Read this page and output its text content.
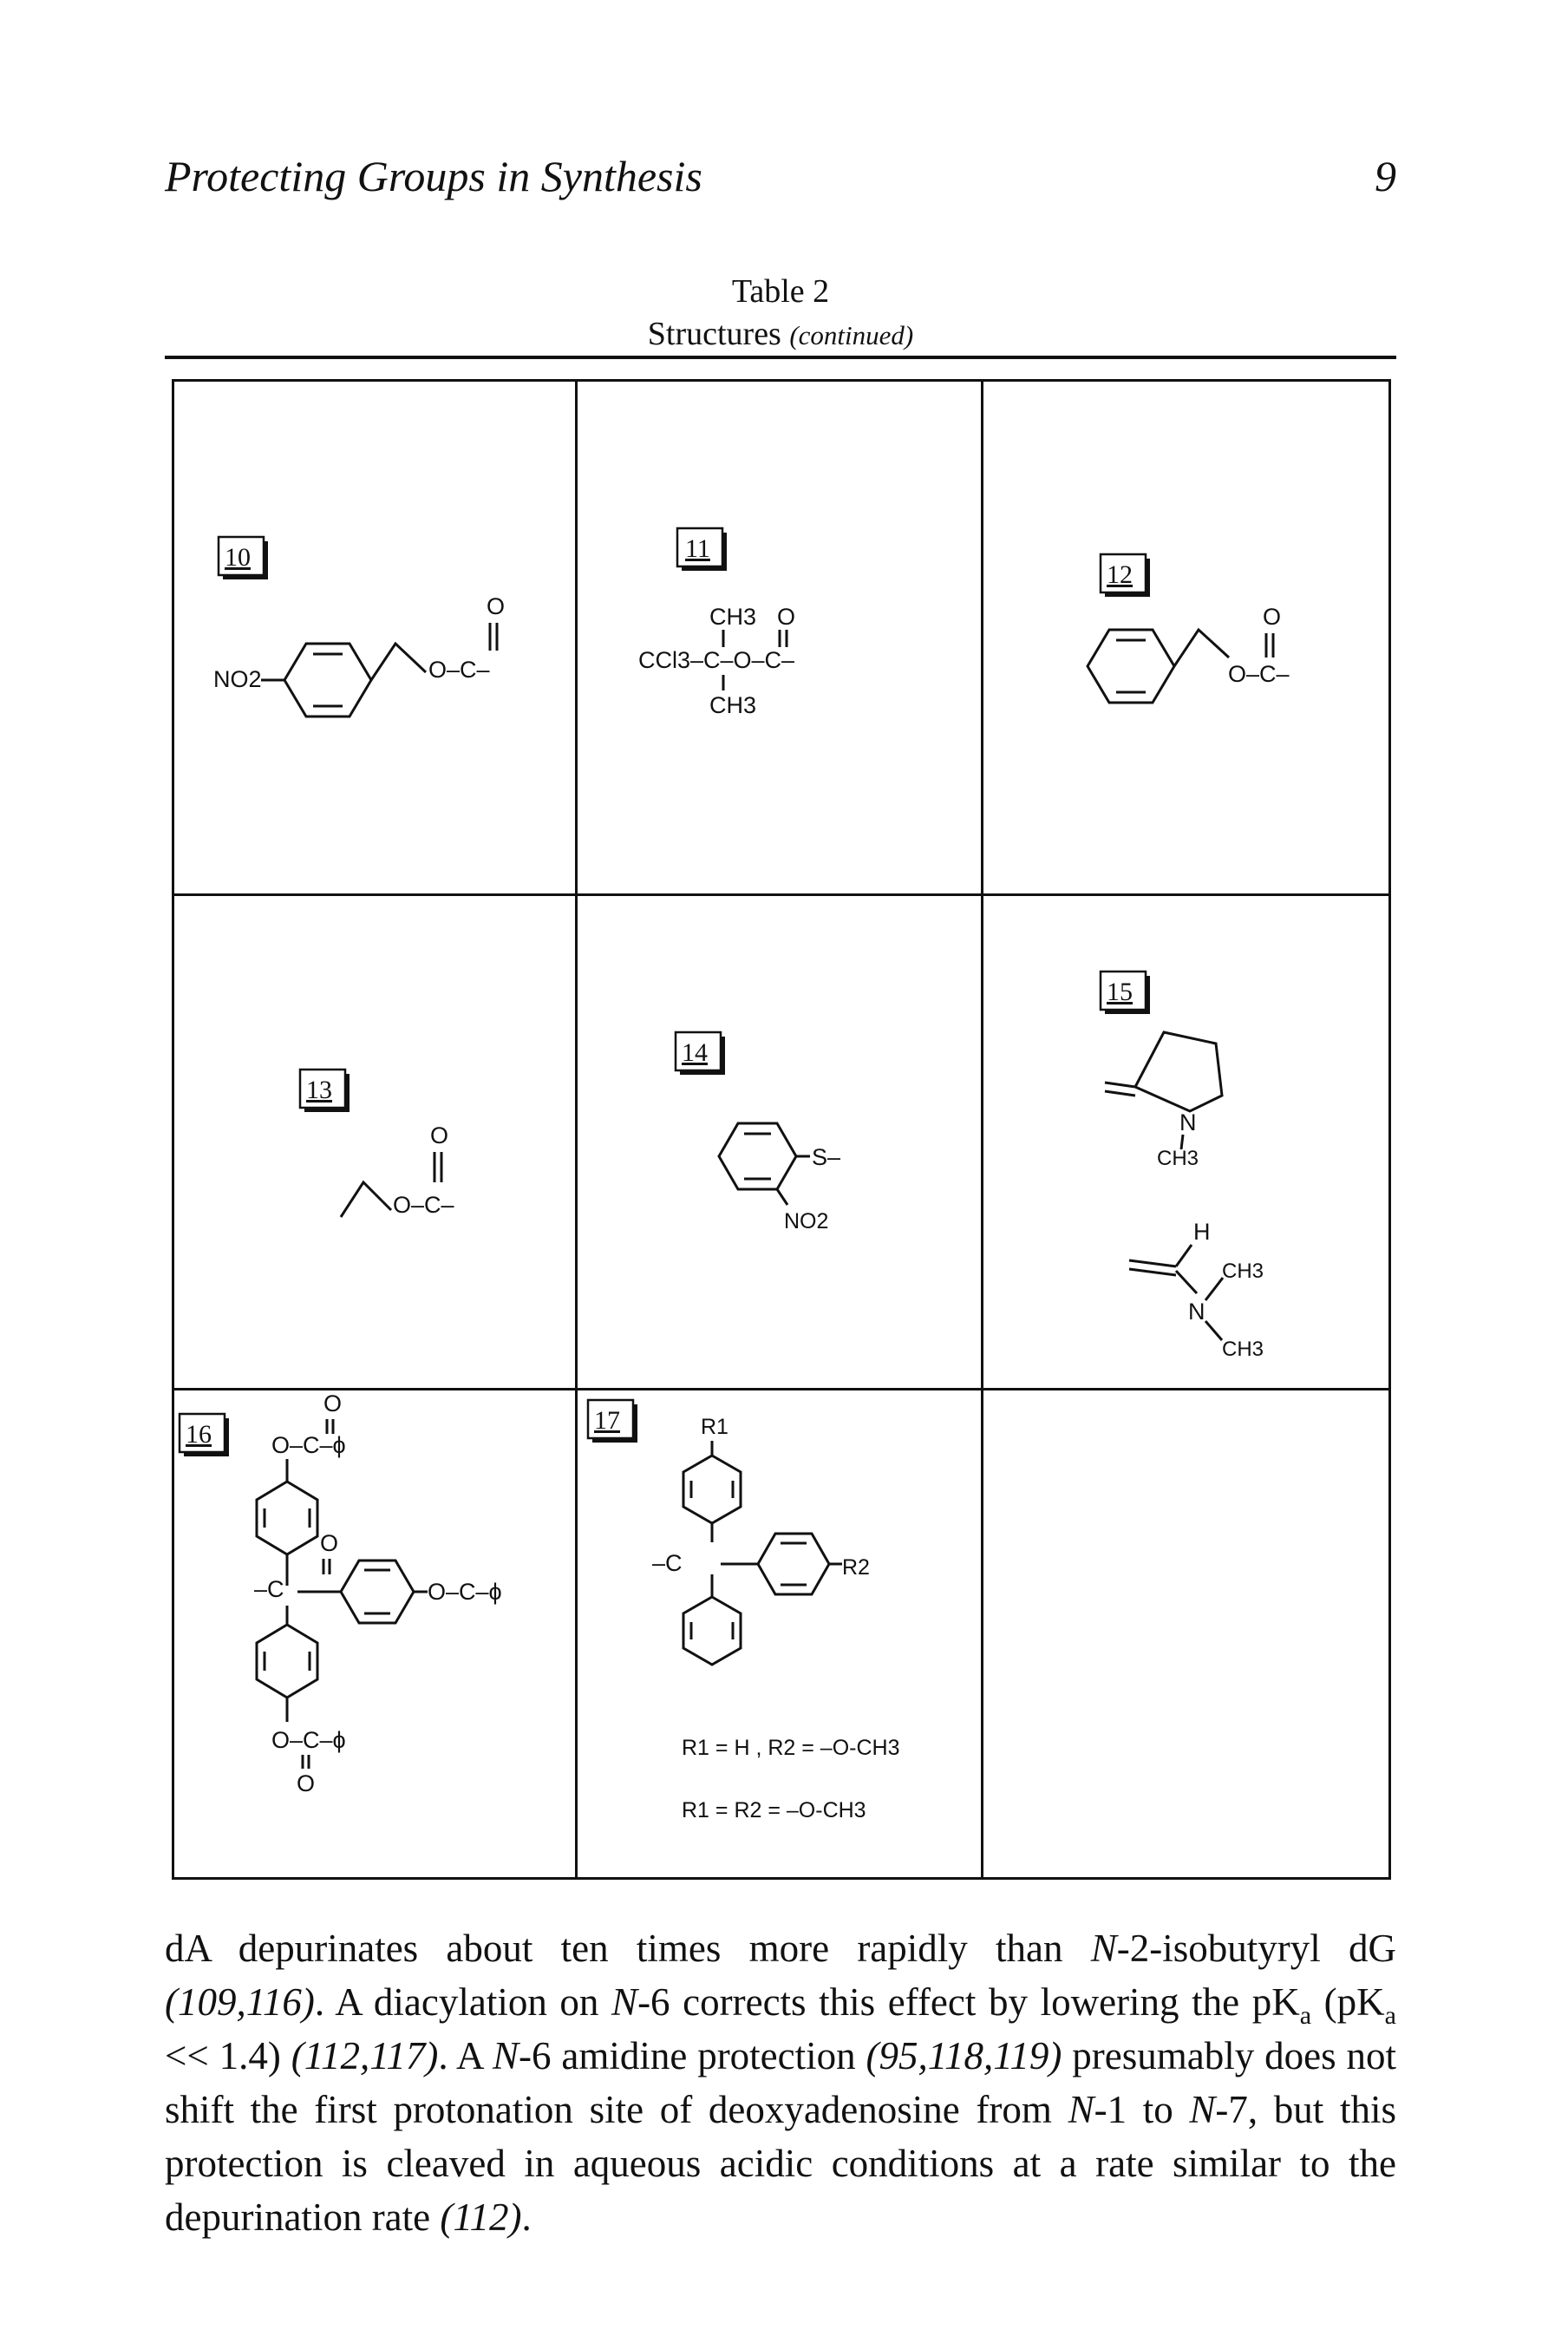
Protecting Groups in Synthesis	9
Table 2
Structures (continued)
10
NO2	O–C–
O
11
CH3 O
CCl3–C–O–C–
CH3
12
O–C–
O
13
O–C–
O
14
S–
NO2
15
N
CH3
H
N
CH3
CH3
16
O
O–C–ϕ
O
–C	O–C–ϕ
O–C–ϕ
O
17	R1
–C	R2
R1 = H , R2 = –O-CH3
R1 = R2 = –O-CH3

dA depurinates about ten times more rapidly than N-2-isobutyryl dG (109,116). A diacylation on N-6 corrects this effect by lowering the $pK_a$ $(pK_a << 1.4)$ (112,117). A N-6 amidine protection (95,118,119) presumably does not shift the first protonation site of deoxyadenosine from N-1 to N-7, but this protection is cleaved in aqueous acidic conditions at a rate similar to the depurination rate (112).
